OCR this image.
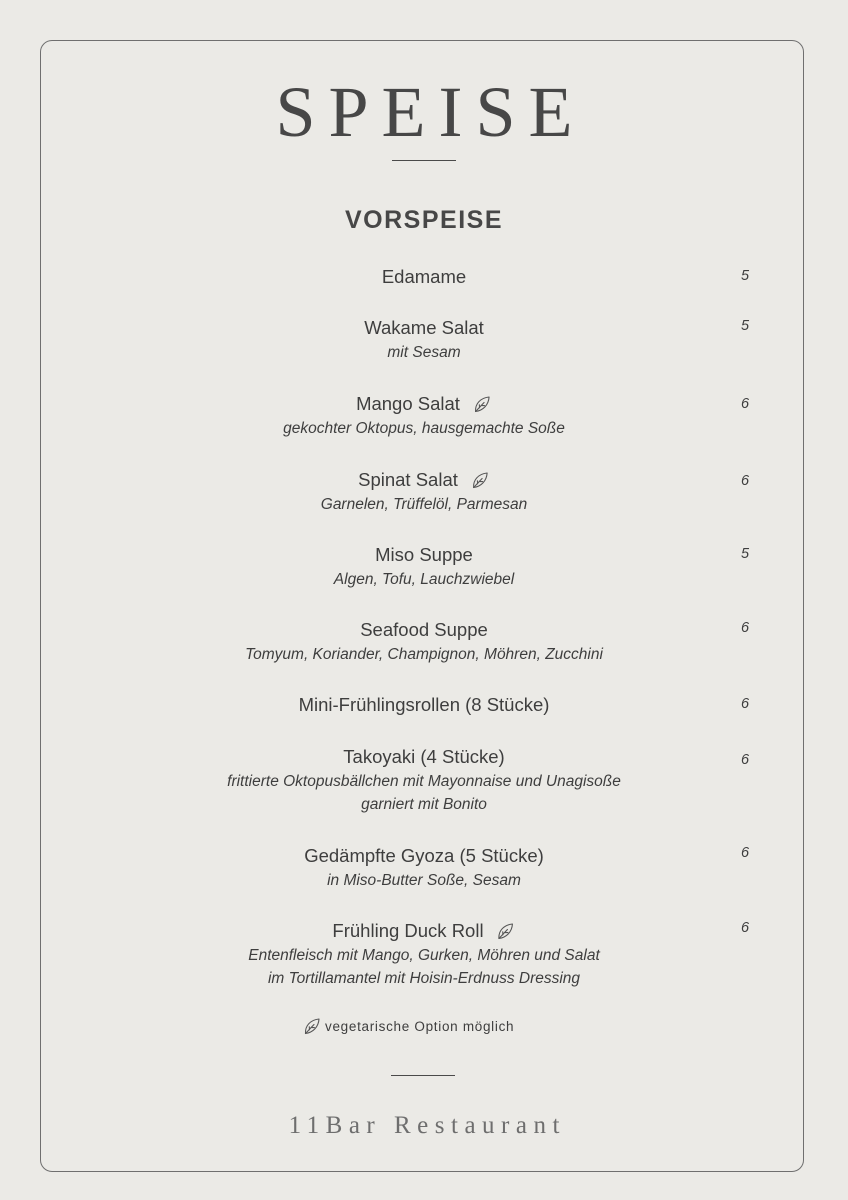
SPEISE
VORSPEISE
Edamame	5
Wakame Salat
mit Sesam
5
Mango Salat
gekochter Oktopus, hausgemachte Soße
6
Spinat Salat
Garnelen, Trüffelöl, Parmesan
6
Miso Suppe
Algen, Tofu, Lauchzwiebel
5
Seafood Suppe
Tomyum, Koriander, Champignon, Möhren, Zucchini
6
Mini-Frühlingsrollen (8 Stücke)	6
Takoyaki (4 Stücke)
frittierte Oktopusbällchen mit Mayonnaise und Unagisoße
garniert mit Bonito
6
Gedämpfte Gyoza (5 Stücke)
in Miso-Butter Soße, Sesam
6
Frühling Duck Roll
Entenfleisch mit Mango, Gurken, Möhren und Salat
im Tortillamantel mit Hoisin-Erdnuss Dressing
6
vegetarische Option möglich

11Bar Restaurant
